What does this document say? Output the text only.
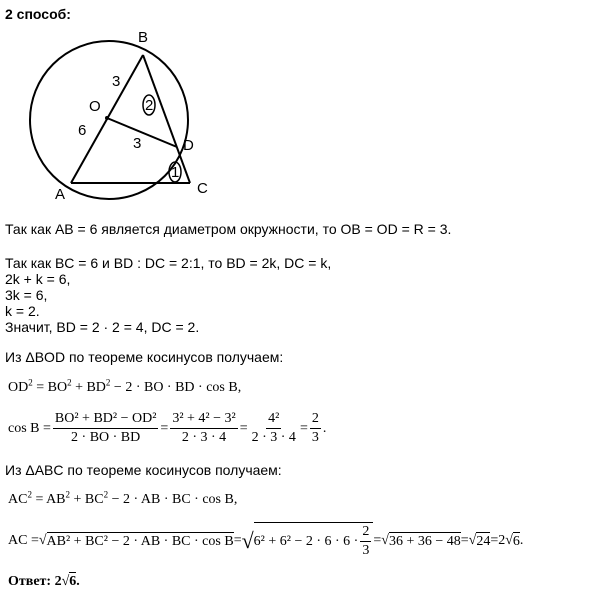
2 способ:
B
O
D
A	C
3
6
3
2
1
Так как AB = 6 является диаметром окружности, то OB = OD = R = 3.
Так как BC = 6 и BD : DC = 2:1, то BD = 2k, DC = k,
2k + k = 6,
3k = 6,
k = 2.
Значит, BD = 2 · 2 = 4, DC = 2.
Из ΔBOD по теореме косинусов получаем:
$OD^2 = BO^2 + BD^2 - 2$ · BO · BD · cos B,
$\cos B = \frac{\text{BO² + BD² − OD²}}{2 \cdot BO \cdot BD} = \frac{\text{3² + 4² − 3²}}{2 \cdot 3 \cdot 4} = \frac{\text{4²}}{2 \cdot 3 \cdot 4} = \frac{2}{3}$ .
Из ΔABC по теореме косинусов получаем:
$AC^2 = AB^2 + BC^2 - 2$ · AB · BC · cos B,
AC = √ AB² + BC² − 2 · AB · BC · cos B = √ $6^2 + 6^2 - 2 \cdot 6 \cdot 6 \cdot \frac{2}{3}$ = √ 36 + 36 − 48 = √ 24 = 2 √ 6 .
Ответ: 2√6.
